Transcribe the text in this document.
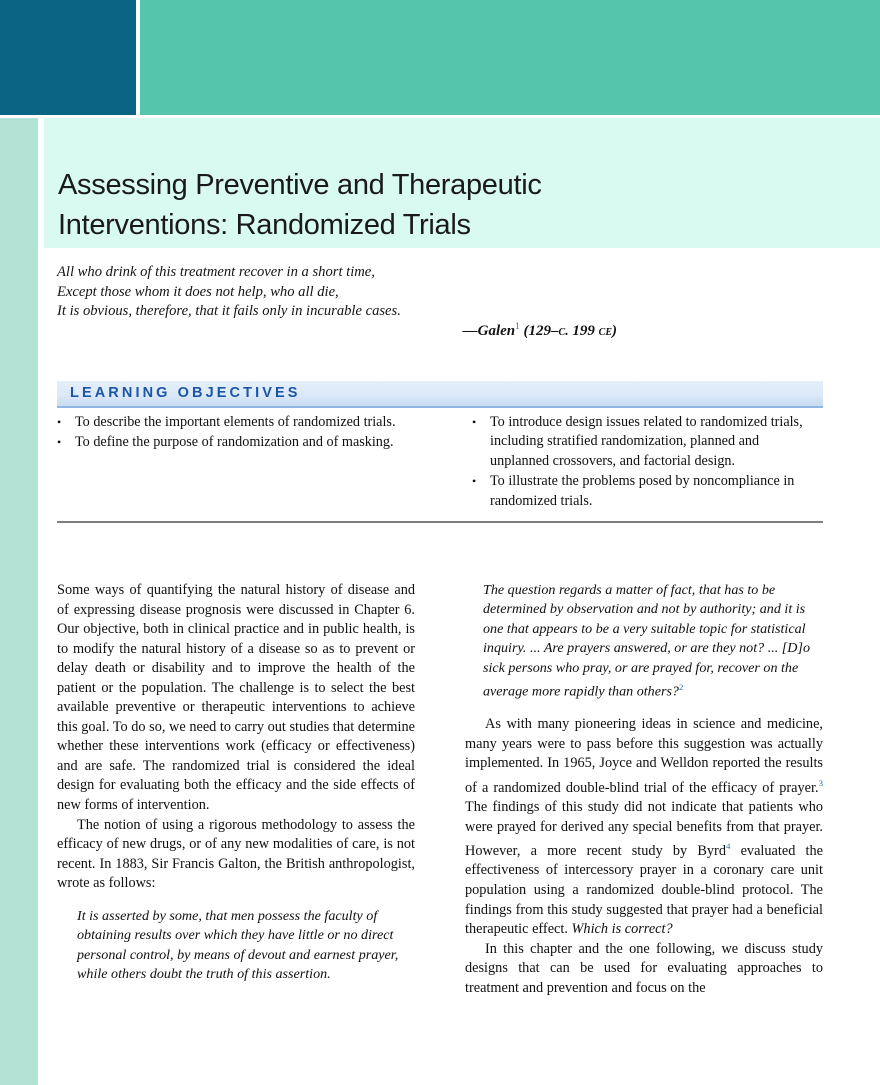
Assessing Preventive and Therapeutic
Interventions: Randomized Trials
All who drink of this treatment recover in a short time,
Except those whom it does not help, who all die,
It is obvious, therefore, that it fails only in incurable cases.
—Galen$^1$ (129–c. 199 ce)
LEARNING OBJECTIVES
• To describe the important elements of randomized trials.
• To define the purpose of randomization and of masking.
• To introduce design issues related to randomized trials, including stratified randomization, planned and unplanned crossovers, and factorial design.
• To illustrate the problems posed by noncompliance in randomized trials.

Some ways of quantifying the natural history of disease and of expressing disease prognosis were discussed in Chapter 6. Our objective, both in clinical practice and in public health, is to modify the natural history of a disease so as to prevent or delay death or disability and to improve the health of the patient or the population. The challenge is to select the best available preventive or therapeutic interventions to achieve this goal. To do so, we need to carry out studies that determine whether these interventions work (efficacy or effectiveness) and are safe. The randomized trial is considered the ideal design for evaluating both the efficacy and the side effects of new forms of intervention.

The notion of using a rigorous methodology to assess the efficacy of new drugs, or of any new modalities of care, is not recent. In 1883, Sir Francis Galton, the British anthropologist, wrote as follows:

It is asserted by some, that men possess the faculty of obtaining results over which they have little or no direct personal control, by means of devout and earnest prayer, while others doubt the truth of this assertion.

The question regards a matter of fact, that has to be determined by observation and not by authority; and it is one that appears to be a very suitable topic for statistical inquiry. ... Are prayers answered, or are they not? ... [D]o sick persons who pray, or are prayed for, recover on the average more rapidly than others?$^2$

As with many pioneering ideas in science and medicine, many years were to pass before this suggestion was actually implemented. In 1965, Joyce and Welldon reported the results of a randomized double-blind trial of the efficacy of prayer.$^3$ The findings of this study did not indicate that patients who were prayed for derived any special benefits from that prayer. However, a more recent study by Byrd$^4$ evaluated the effectiveness of intercessory prayer in a coronary care unit population using a randomized double-blind protocol. The findings from this study suggested that prayer had a beneficial therapeutic effect. Which is correct?

In this chapter and the one following, we discuss study designs that can be used for evaluating approaches to treatment and prevention and focus on the
